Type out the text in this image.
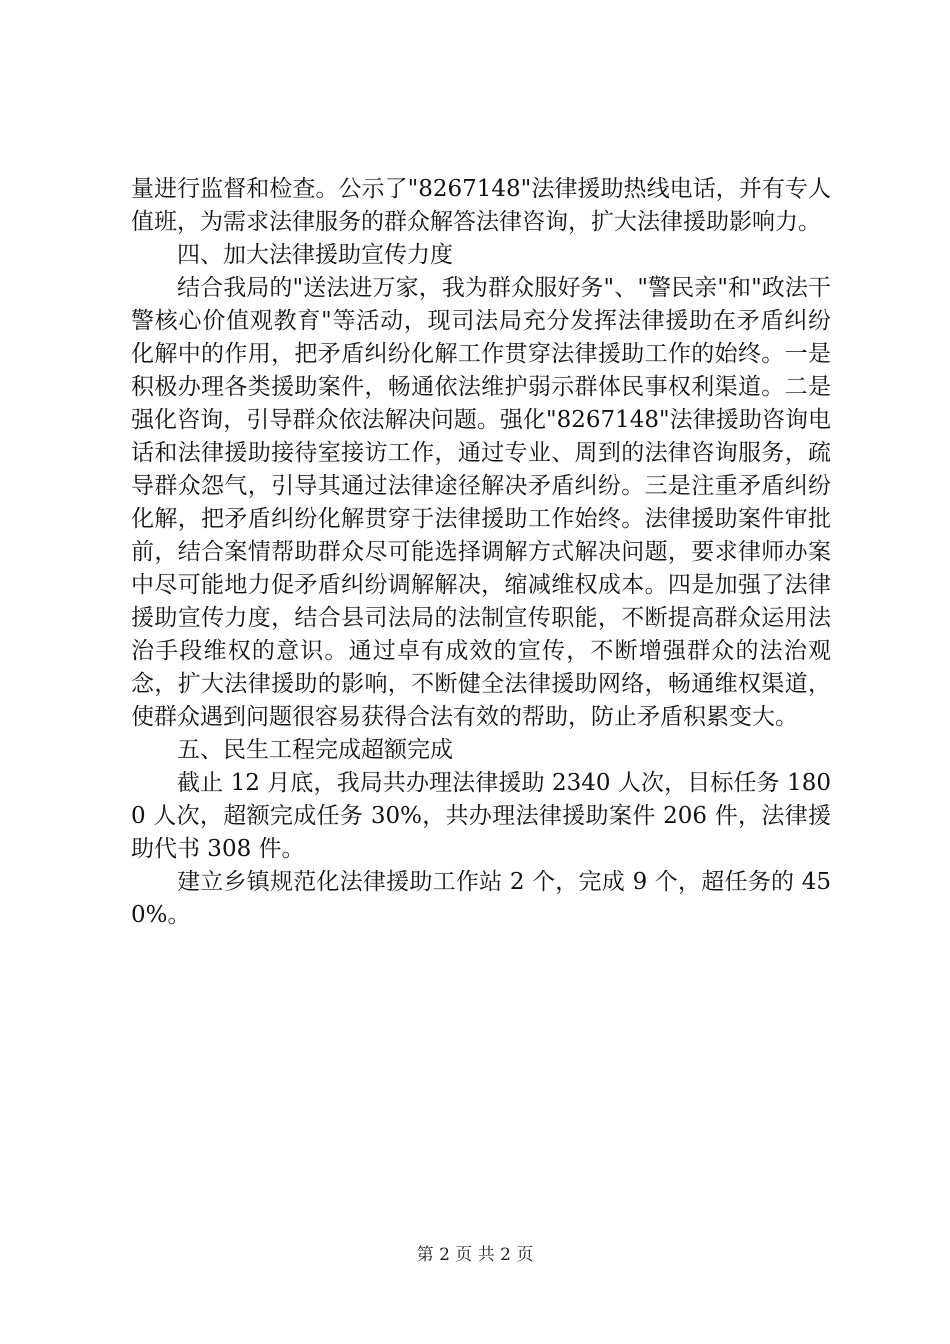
量进行监督和检查。公示了"8267148"法律援助热线电话，并有专人值班，为需求法律服务的群众解答法律咨询，扩大法律援助影响力。

四、加大法律援助宣传力度

结合我局的"送法进万家，我为群众服好务"、"警民亲"和"政法干警核心价值观教育"等活动，现司法局充分发挥法律援助在矛盾纠纷化解中的作用，把矛盾纠纷化解工作贯穿法律援助工作的始终。一是积极办理各类援助案件，畅通依法维护弱示群体民事权利渠道。二是强化咨询，引导群众依法解决问题。强化"8267148"法律援助咨询电话和法律援助接待室接访工作，通过专业、周到的法律咨询服务，疏导群众怨气，引导其通过法律途径解决矛盾纠纷。三是注重矛盾纠纷化解，把矛盾纠纷化解贯穿于法律援助工作始终。法律援助案件审批前，结合案情帮助群众尽可能选择调解方式解决问题，要求律师办案中尽可能地力促矛盾纠纷调解解决，缩减维权成本。四是加强了法律援助宣传力度，结合县司法局的法制宣传职能，不断提高群众运用法治手段维权的意识。通过卓有成效的宣传，不断增强群众的法治观念，扩大法律援助的影响，不断健全法律援助网络，畅通维权渠道，使群众遇到问题很容易获得合法有效的帮助，防止矛盾积累变大。

五、民生工程完成超额完成

截止 12 月底，我局共办理法律援助 2340 人次，目标任务 1800 人次，超额完成任务 30%，共办理法律援助案件 206 件，法律援助代书 308 件。

建立乡镇规范化法律援助工作站 2 个，完成 9 个，超任务的 450%。

第 2 页 共 2 页
